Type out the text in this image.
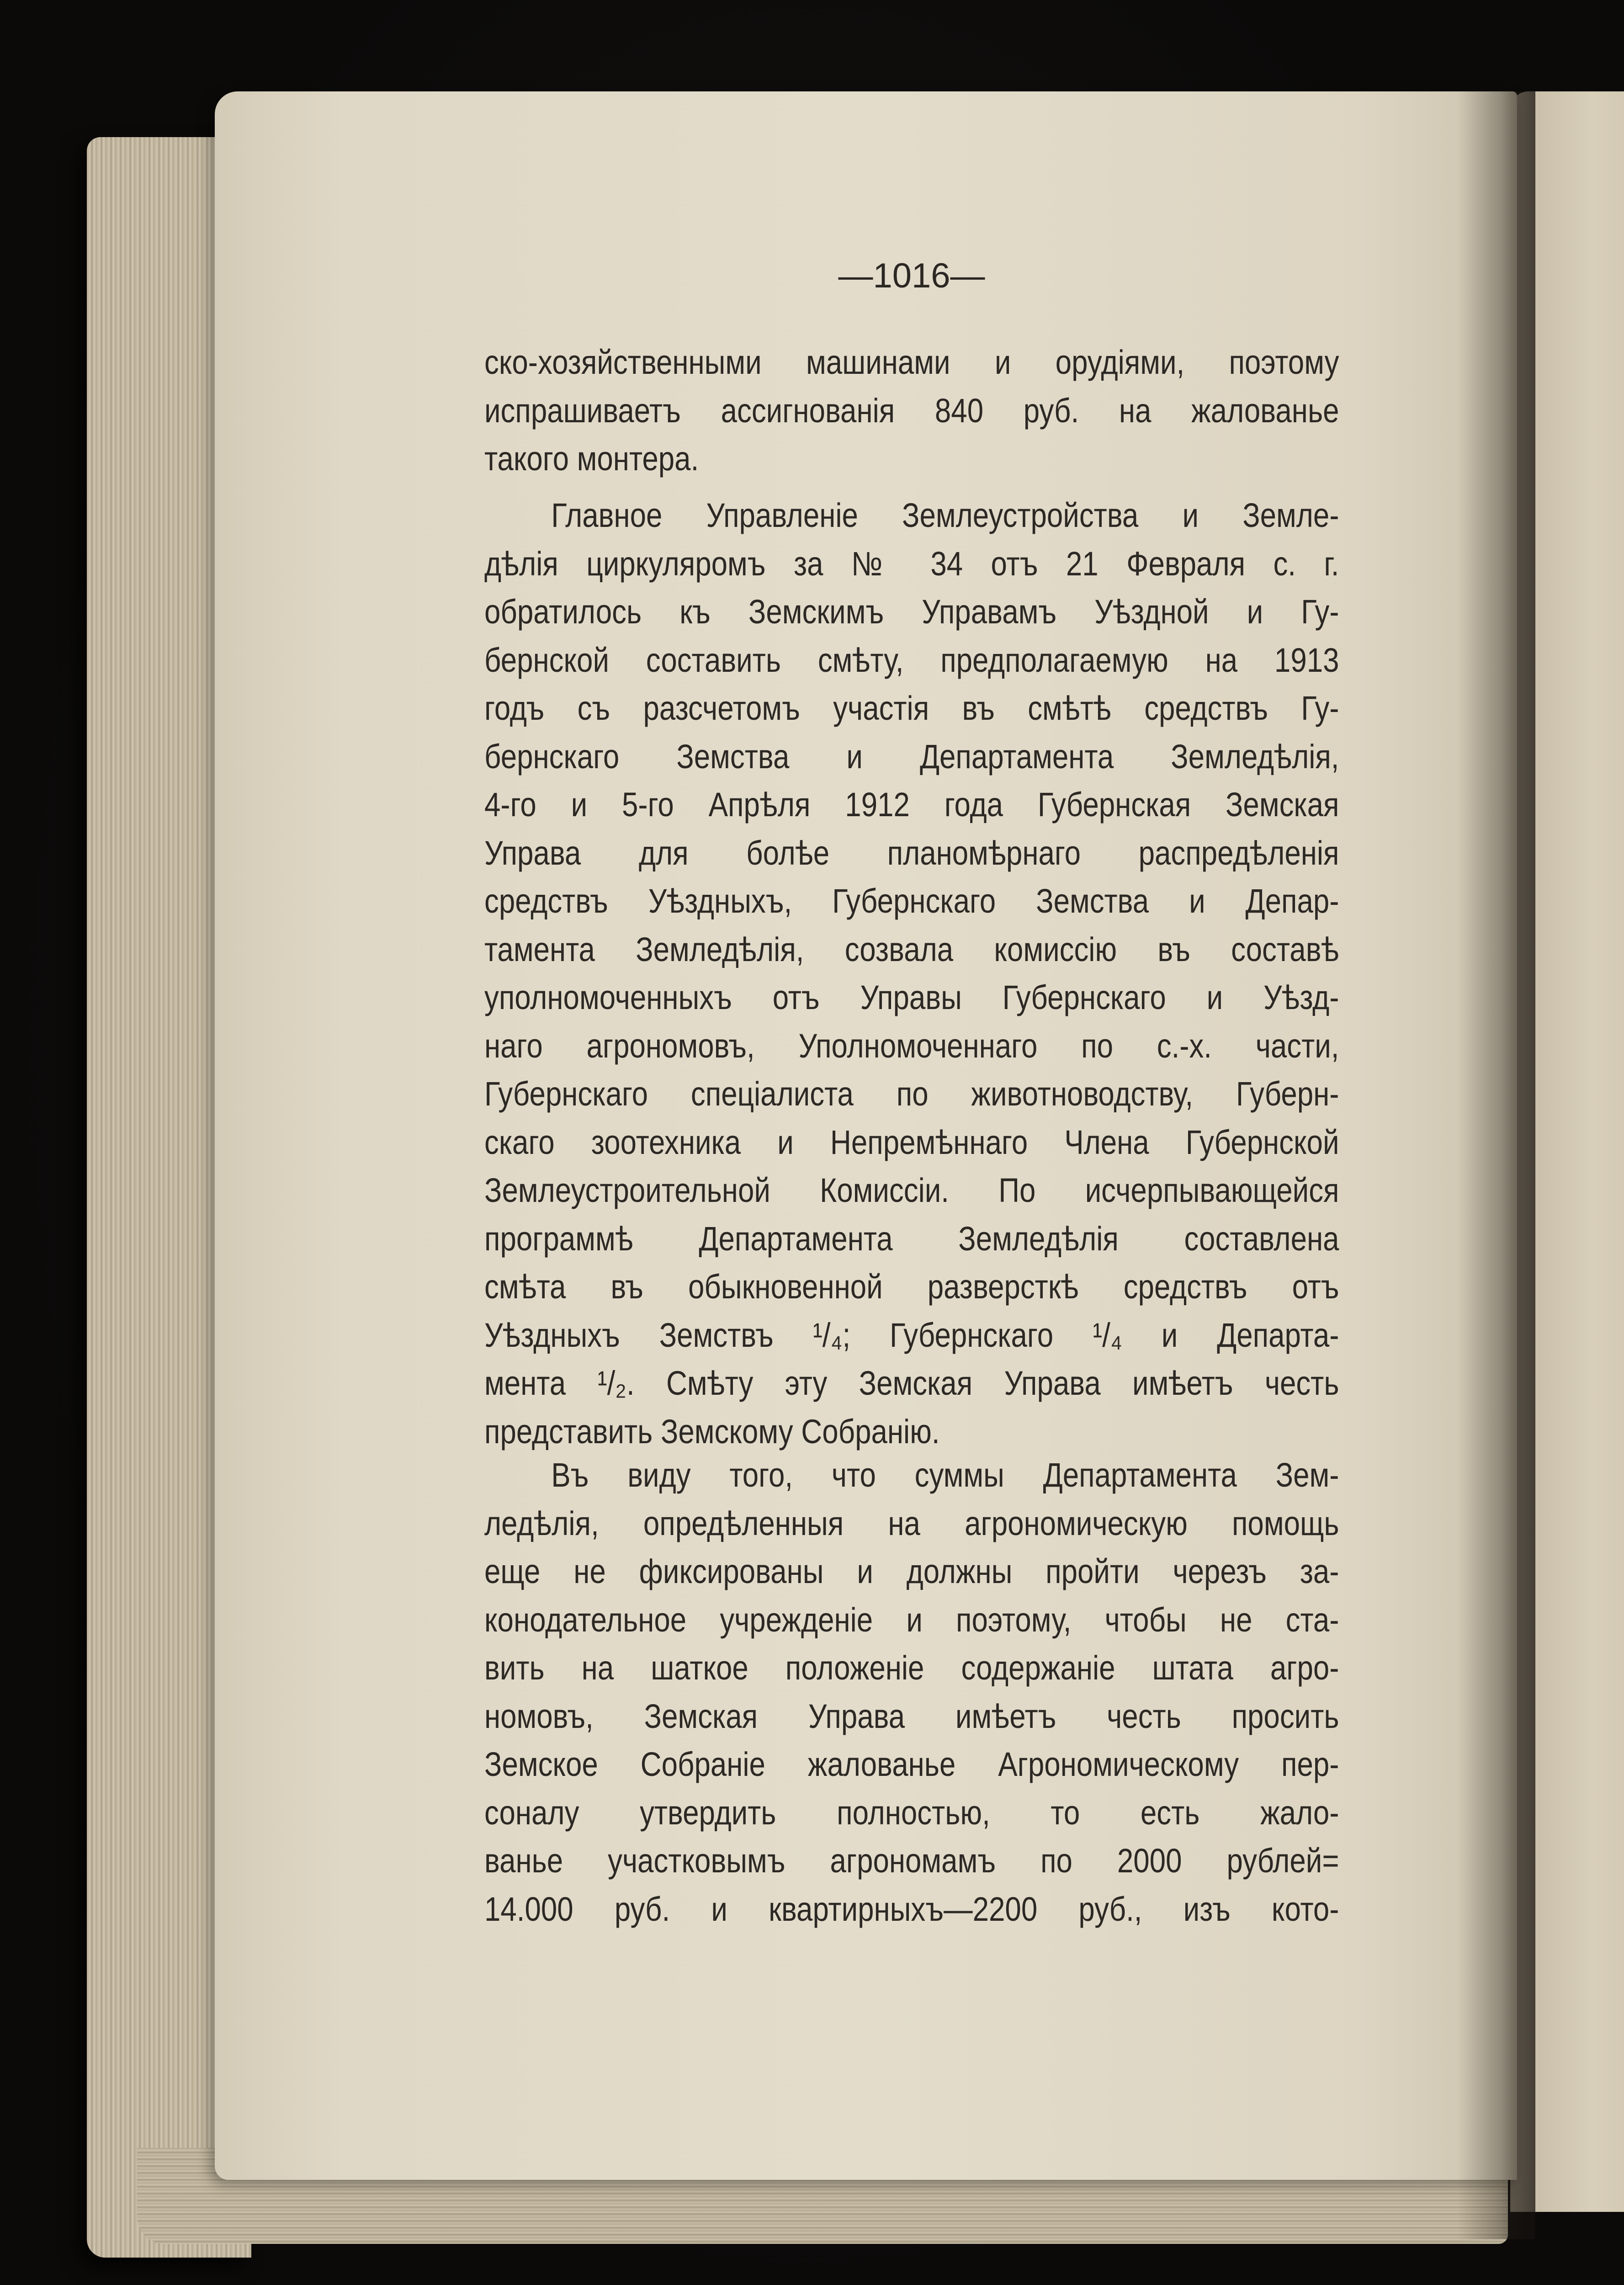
—1016—
ско-хозяйственными машинами и орудіями, поэтому
испрашиваетъ ассигнованія 840 руб. на жалованье
такого монтера.
Главное Управленіе Землеустройства и Земле-
дѣлія циркуляромъ за № 34 отъ 21 Февраля с. г.
обратилось къ Земскимъ Управамъ Уѣздной и Гу-
бернской составить смѣту, предполагаемую на 1913
годъ съ разсчетомъ участія въ смѣтѣ средствъ Гу-
бернскаго Земства и Департамента Земледѣлія,
4-го и 5-го Апрѣля 1912 года Губернская Земская
Управа для болѣе планомѣрнаго распредѣленія
средствъ Уѣздныхъ, Губернскаго Земства и Депар-
тамента Земледѣлія, созвала комиссію въ составѣ
уполномоченныхъ отъ Управы Губернскаго и Уѣзд-
наго агрономовъ, Уполномоченнаго по с.-х. части,
Губернскаго спеціалиста по животноводству, Губерн-
скаго зоотехника и Непремѣннаго Члена Губернской
Землеустроительной Комиссіи. По исчерпывающейся
программѣ Департамента Земледѣлія составлена
смѣта въ обыкновенной разверсткѣ средствъ отъ
Уѣздныхъ Земствъ ¹/₄; Губернскаго ¹/₄ и Департа-
мента ¹/₂. Смѣту эту Земская Управа имѣетъ честь
представить Земскому Собранію.
Въ виду того, что суммы Департамента Зем-
ледѣлія, опредѣленныя на агрономическую помощь
еще не фиксированы и должны пройти черезъ за-
конодательное учрежденіе и поэтому, чтобы не ста-
вить на шаткое положеніе содержаніе штата агро-
номовъ, Земская Управа имѣетъ честь просить
Земское Собраніе жалованье Агрономическому пер-
соналу утвердить полностью, то есть жало-
ванье участковымъ агрономамъ по 2000 рублей=
14.000 руб. и квартирныхъ—2200 руб., изъ кото-
